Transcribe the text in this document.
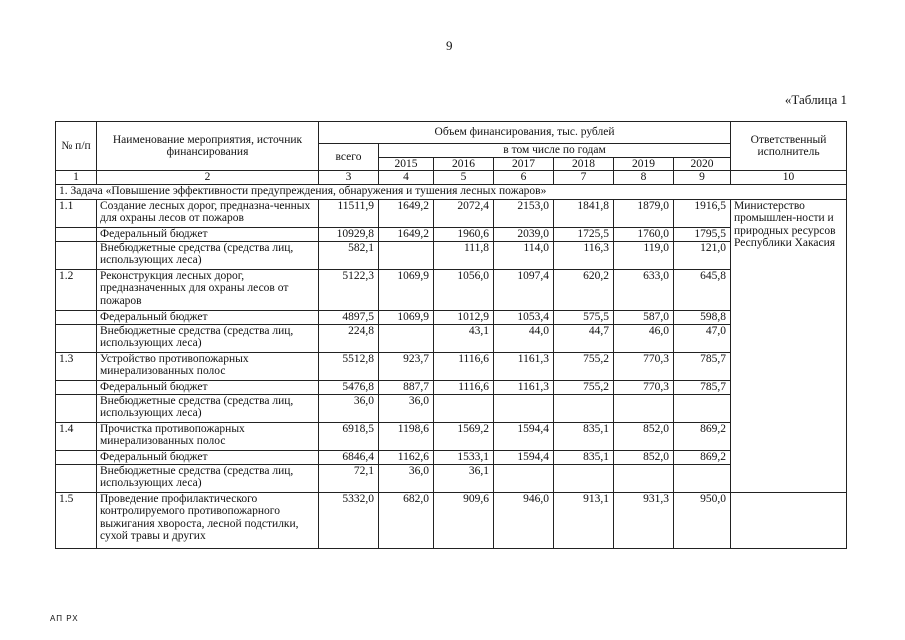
9
«Таблица 1
№ п/п	Наименование мероприятия, источник финансирования	Объем финансирования, тыс. рублей							Ответственный исполнитель
		всего	в том числе по годам						
			2015	2016	2017	2018	2019	2020	
1	2	3	4	5	6	7	8	9	10
1. Задача «Повышение эффективности предупреждения, обнаружения и тушения лесных пожаров»									
1.1	Создание лесных дорог, предназна-ченных для охраны лесов от пожаров	11511,9	1649,2	2072,4	2153,0	1841,8	1879,0	1916,5	Министерство промышлен-ности и природных ресурсов Республики Хакасия
	Федеральный бюджет	10929,8	1649,2	1960,6	2039,0	1725,5	1760,0	1795,5	
	Внебюджетные средства (средства лиц, использующих леса)	582,1		111,8	114,0	116,3	119,0	121,0	
1.2	Реконструкция лесных дорог, предназначенных для охраны лесов от пожаров	5122,3	1069,9	1056,0	1097,4	620,2	633,0	645,8	
	Федеральный бюджет	4897,5	1069,9	1012,9	1053,4	575,5	587,0	598,8	
	Внебюджетные средства (средства лиц, использующих леса)	224,8		43,1	44,0	44,7	46,0	47,0	
1.3	Устройство противопожарных минерализованных полос	5512,8	923,7	1116,6	1161,3	755,2	770,3	785,7	
	Федеральный бюджет	5476,8	887,7	1116,6	1161,3	755,2	770,3	785,7	
	Внебюджетные средства (средства лиц, использующих леса)	36,0	36,0						
1.4	Прочистка противопожарных минерализованных полос	6918,5	1198,6	1569,2	1594,4	835,1	852,0	869,2	
	Федеральный бюджет	6846,4	1162,6	1533,1	1594,4	835,1	852,0	869,2	
	Внебюджетные средства (средства лиц, использующих леса)	72,1	36,0	36,1					
1.5	Проведение профилактического контролируемого противопожарного выжигания хвороста, лесной подстилки, сухой травы и других	5332,0	682,0	909,6	946,0	913,1	931,3	950,0	
АП РХ
